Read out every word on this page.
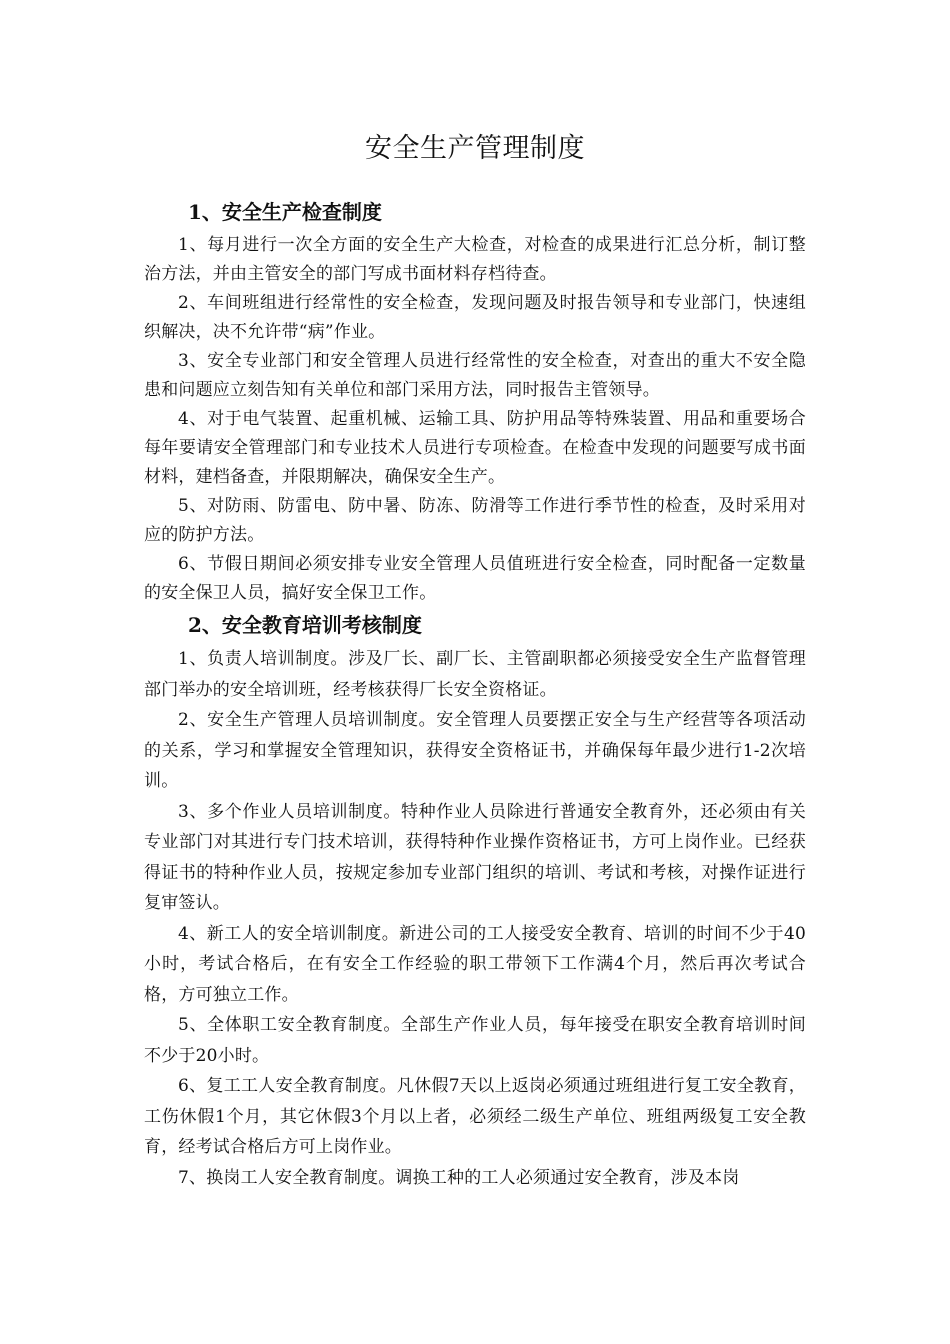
安全生产管理制度
1、安全生产检查制度

1、每月进行一次全方面的安全生产大检查，对检查的成果进行汇总分析，制订整治方法，并由主管安全的部门写成书面材料存档待查。

2、车间班组进行经常性的安全检查，发现问题及时报告领导和专业部门，快速组织解决，决不允许带“病”作业。

3、安全专业部门和安全管理人员进行经常性的安全检查，对查出的重大不安全隐患和问题应立刻告知有关单位和部门采用方法，同时报告主管领导。

4、对于电气装置、起重机械、运输工具、防护用品等特殊装置、用品和重要场合每年要请安全管理部门和专业技术人员进行专项检查。在检查中发现的问题要写成书面材料，建档备查，并限期解决，确保安全生产。

5、对防雨、防雷电、防中暑、防冻、防滑等工作进行季节性的检查，及时采用对应的防护方法。

6、节假日期间必须安排专业安全管理人员值班进行安全检查，同时配备一定数量的安全保卫人员，搞好安全保卫工作。

2、安全教育培训考核制度

1、负责人培训制度。涉及厂长、副厂长、主管副职都必须接受安全生产监督管理部门举办的安全培训班，经考核获得厂长安全资格证。

2、安全生产管理人员培训制度。安全管理人员要摆正安全与生产经营等各项活动的关系，学习和掌握安全管理知识，获得安全资格证书，并确保每年最少进行1-2次培训。

3、多个作业人员培训制度。特种作业人员除进行普通安全教育外，还必须由有关专业部门对其进行专门技术培训，获得特种作业操作资格证书，方可上岗作业。已经获得证书的特种作业人员，按规定参加专业部门组织的培训、考试和考核，对操作证进行复审签认。

4、新工人的安全培训制度。新进公司的工人接受安全教育、培训的时间不少于40小时，考试合格后，在有安全工作经验的职工带领下工作满4个月，然后再次考试合格，方可独立工作。

5、全体职工安全教育制度。全部生产作业人员，每年接受在职安全教育培训时间不少于20小时。

6、复工工人安全教育制度。凡休假7天以上返岗必须通过班组进行复工安全教育，工伤休假1个月，其它休假3个月以上者，必须经二级生产单位、班组两级复工安全教育，经考试合格后方可上岗作业。

7、换岗工人安全教育制度。调换工种的工人必须通过安全教育，涉及本岗
